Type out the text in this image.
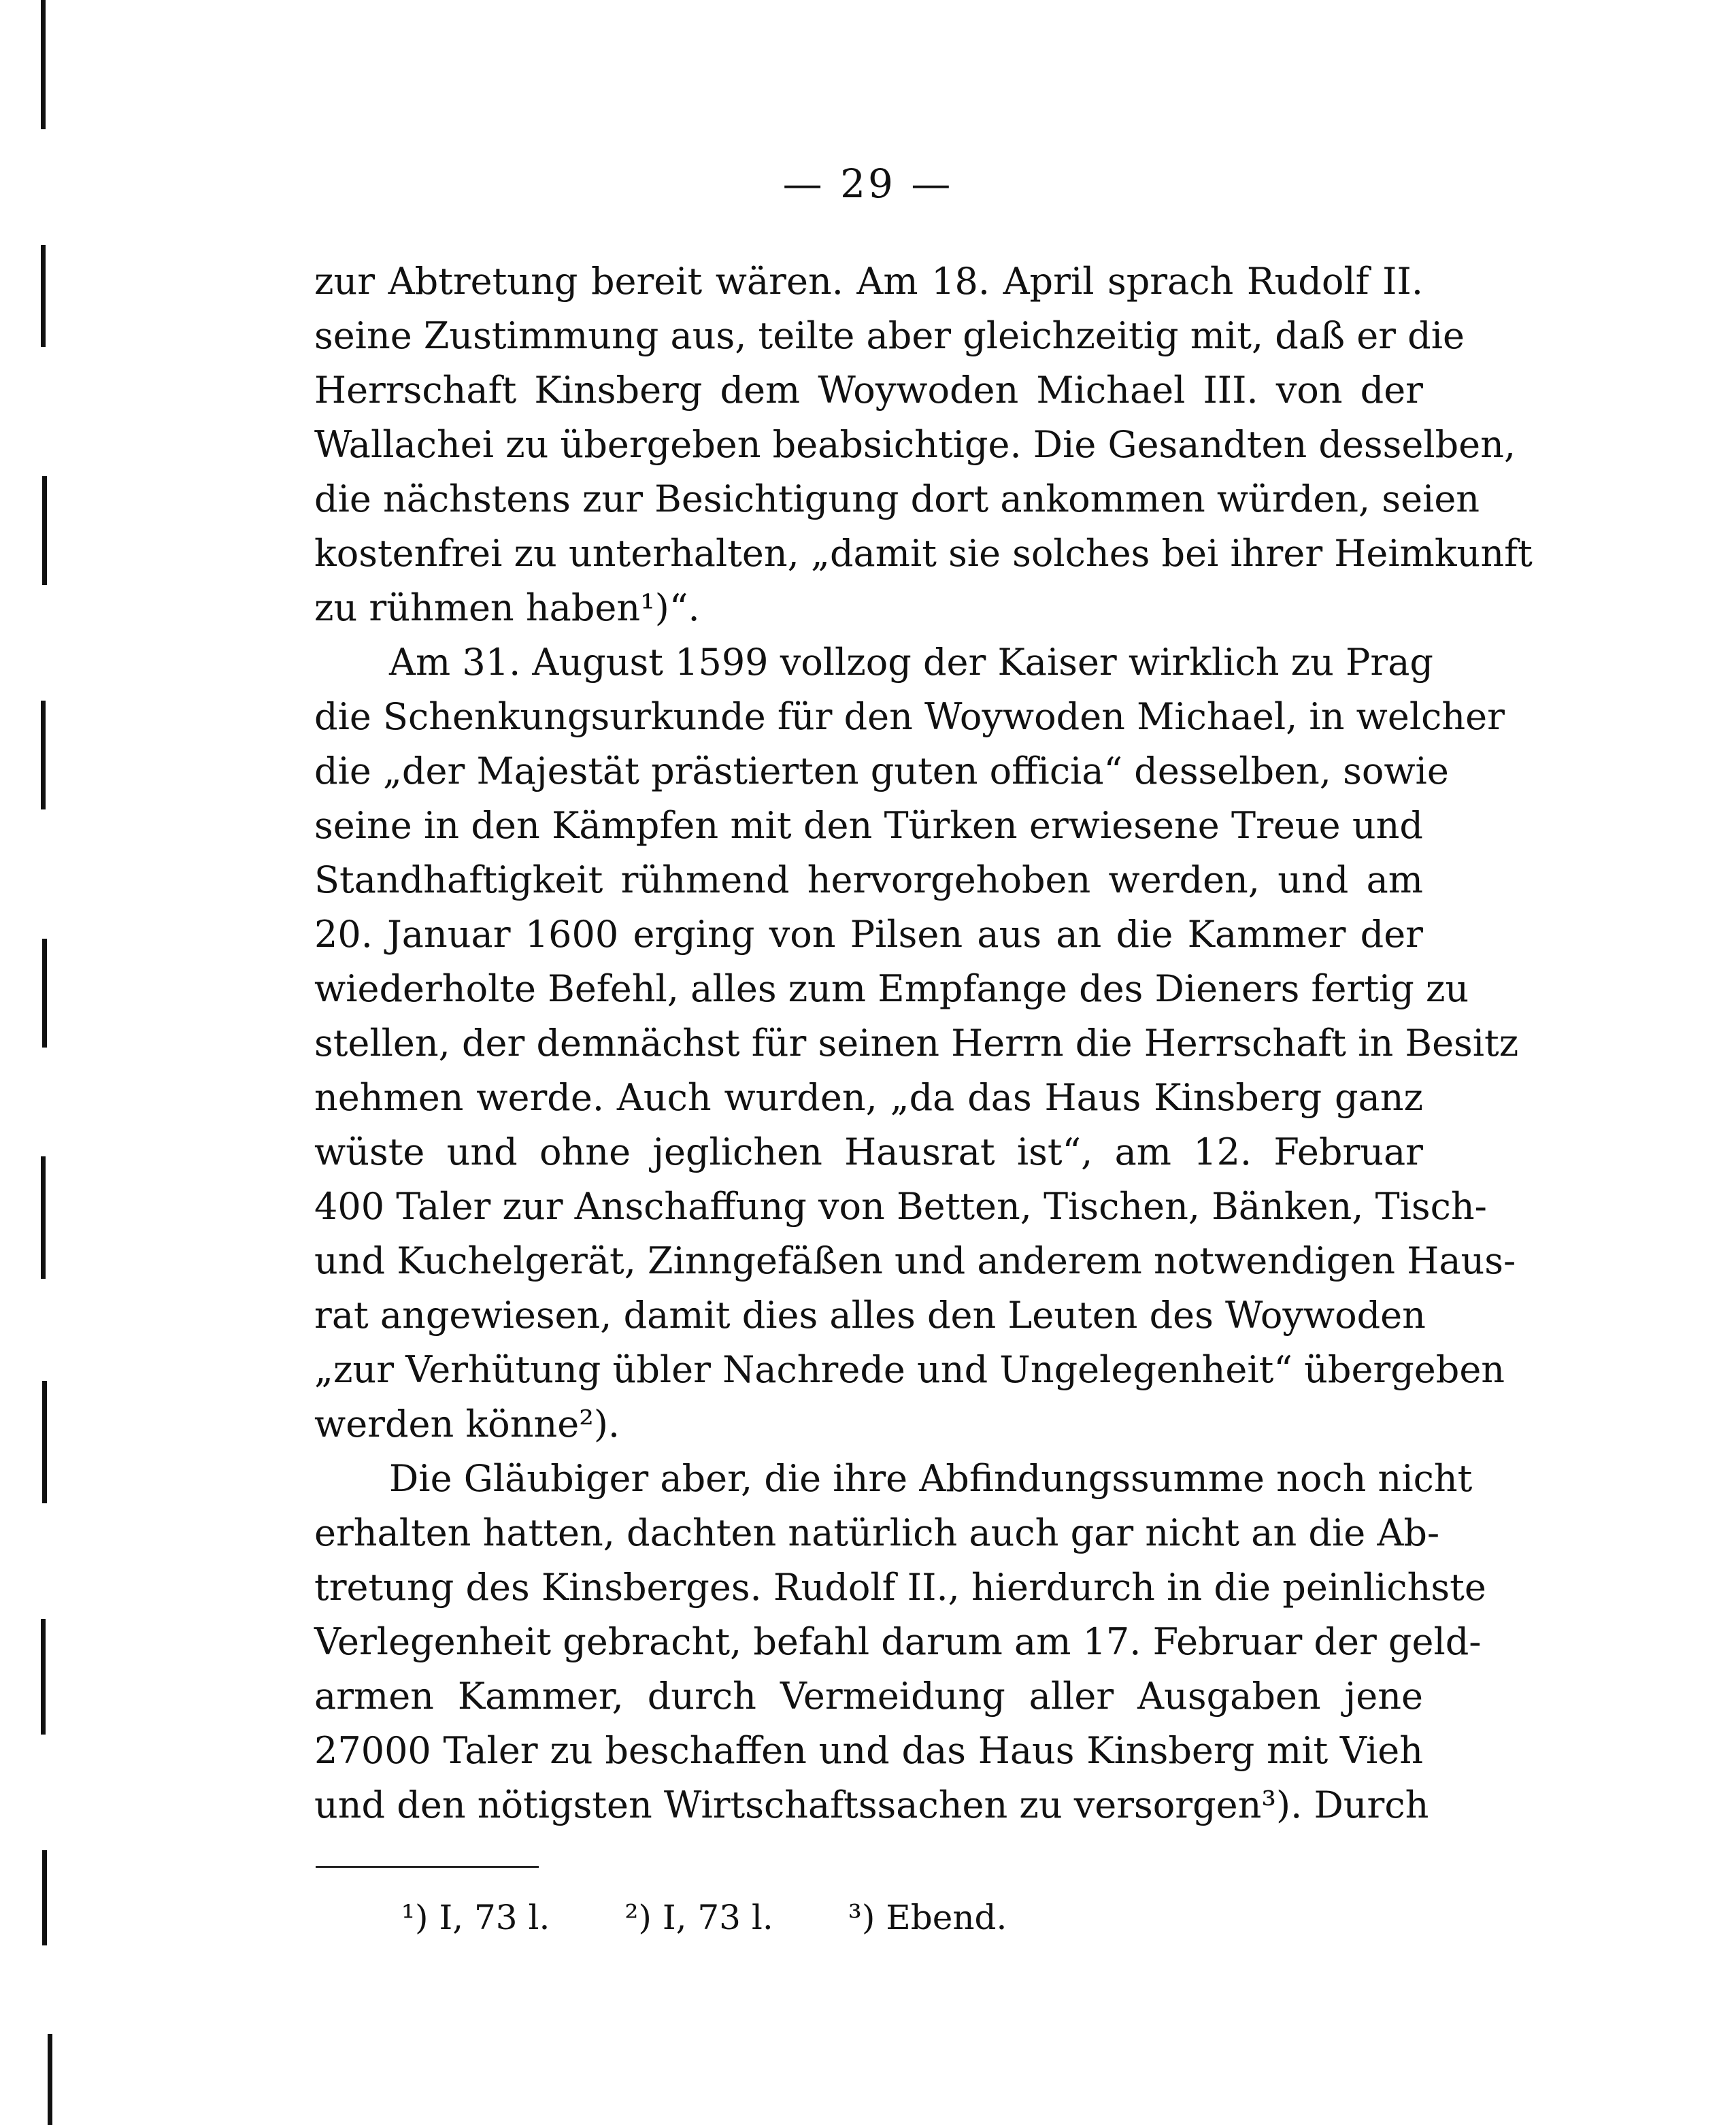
— 29 —
zur Abtretung bereit wären. Am 18. April sprach Rudolf II.
seine Zustimmung aus, teilte aber gleichzeitig mit, daß er die
Herrschaft Kinsberg dem Woywoden Michael III. von der
Wallachei zu übergeben beabsichtige. Die Gesandten desselben,
die nächstens zur Besichtigung dort ankommen würden, seien
kostenfrei zu unterhalten, „damit sie solches bei ihrer Heimkunft
zu rühmen haben¹)“.
Am 31. August 1599 vollzog der Kaiser wirklich zu Prag
die Schenkungsurkunde für den Woywoden Michael, in welcher
die „der Majestät prästierten guten officia“ desselben, sowie
seine in den Kämpfen mit den Türken erwiesene Treue und
Standhaftigkeit rühmend hervorgehoben werden, und am
20. Januar 1600 erging von Pilsen aus an die Kammer der
wiederholte Befehl, alles zum Empfange des Dieners fertig zu
stellen, der demnächst für seinen Herrn die Herrschaft in Besitz
nehmen werde. Auch wurden, „da das Haus Kinsberg ganz
wüste und ohne jeglichen Hausrat ist“, am 12. Februar
400 Taler zur Anschaffung von Betten, Tischen, Bänken, Tisch-
und Kuchelgerät, Zinngefäßen und anderem notwendigen Haus-
rat angewiesen, damit dies alles den Leuten des Woywoden
„zur Verhütung übler Nachrede und Ungelegenheit“ übergeben
werden könne²).
Die Gläubiger aber, die ihre Abfindungssumme noch nicht
erhalten hatten, dachten natürlich auch gar nicht an die Ab-
tretung des Kinsberges. Rudolf II., hierdurch in die peinlichste
Verlegenheit gebracht, befahl darum am 17. Februar der geld-
armen Kammer, durch Vermeidung aller Ausgaben jene
27000 Taler zu beschaffen und das Haus Kinsberg mit Vieh
und den nötigsten Wirtschaftssachen zu versorgen³). Durch
¹) I, 73 l. ²) I, 73 l. ³) Ebend.
